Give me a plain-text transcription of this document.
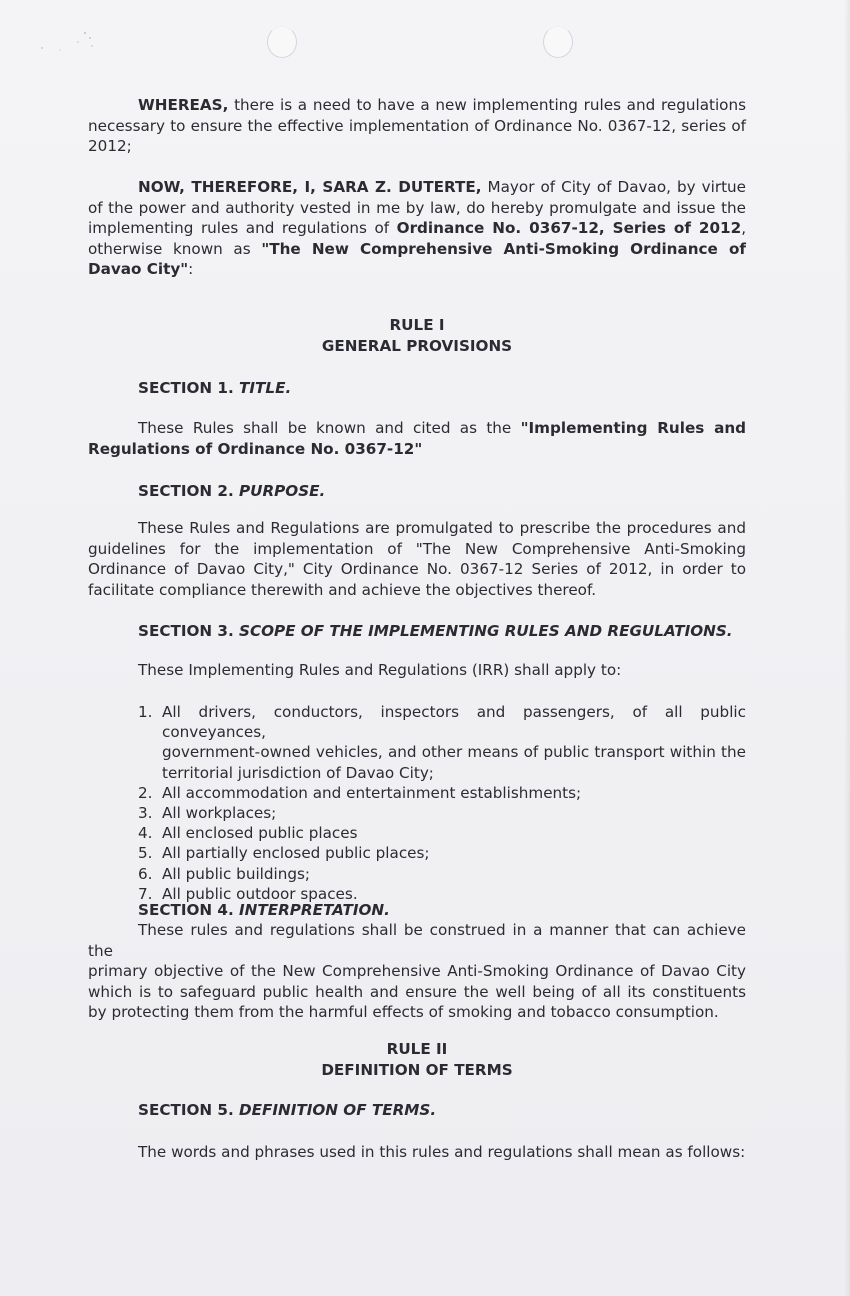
WHEREAS, there is a need to have a new implementing rules and regulations
necessary to ensure the effective implementation of Ordinance No. 0367-12, series of
2012;
NOW, THEREFORE, I, SARA Z. DUTERTE, Mayor of City of Davao, by virtue
of the power and authority vested in me by law, do hereby promulgate and issue the
implementing rules and regulations of Ordinance No. 0367-12, Series of 2012,
otherwise known as "The New Comprehensive Anti-Smoking Ordinance of
Davao City":
RULE I
GENERAL PROVISIONS
SECTION 1. TITLE.
These Rules shall be known and cited as the "Implementing Rules and
Regulations of Ordinance No. 0367-12"
SECTION 2. PURPOSE.
These Rules and Regulations are promulgated to prescribe the procedures and
guidelines for the implementation of "The New Comprehensive Anti-Smoking
Ordinance of Davao City," City Ordinance No. 0367-12 Series of 2012, in order to
facilitate compliance therewith and achieve the objectives thereof.
SECTION 3. SCOPE OF THE IMPLEMENTING RULES AND REGULATIONS.
These Implementing Rules and Regulations (IRR) shall apply to:
1. All drivers, conductors, inspectors and passengers, of all public conveyances,
government-owned vehicles, and other means of public transport within the
territorial jurisdiction of Davao City;
2. All accommodation and entertainment establishments;
3. All workplaces;
4. All enclosed public places
5. All partially enclosed public places;
6. All public buildings;
7. All public outdoor spaces.
SECTION 4. INTERPRETATION.
These rules and regulations shall be construed in a manner that can achieve the
primary objective of the New Comprehensive Anti-Smoking Ordinance of Davao City
which is to safeguard public health and ensure the well being of all its constituents
by protecting them from the harmful effects of smoking and tobacco consumption.
RULE II
DEFINITION OF TERMS
SECTION 5. DEFINITION OF TERMS.
The words and phrases used in this rules and regulations shall mean as follows:
